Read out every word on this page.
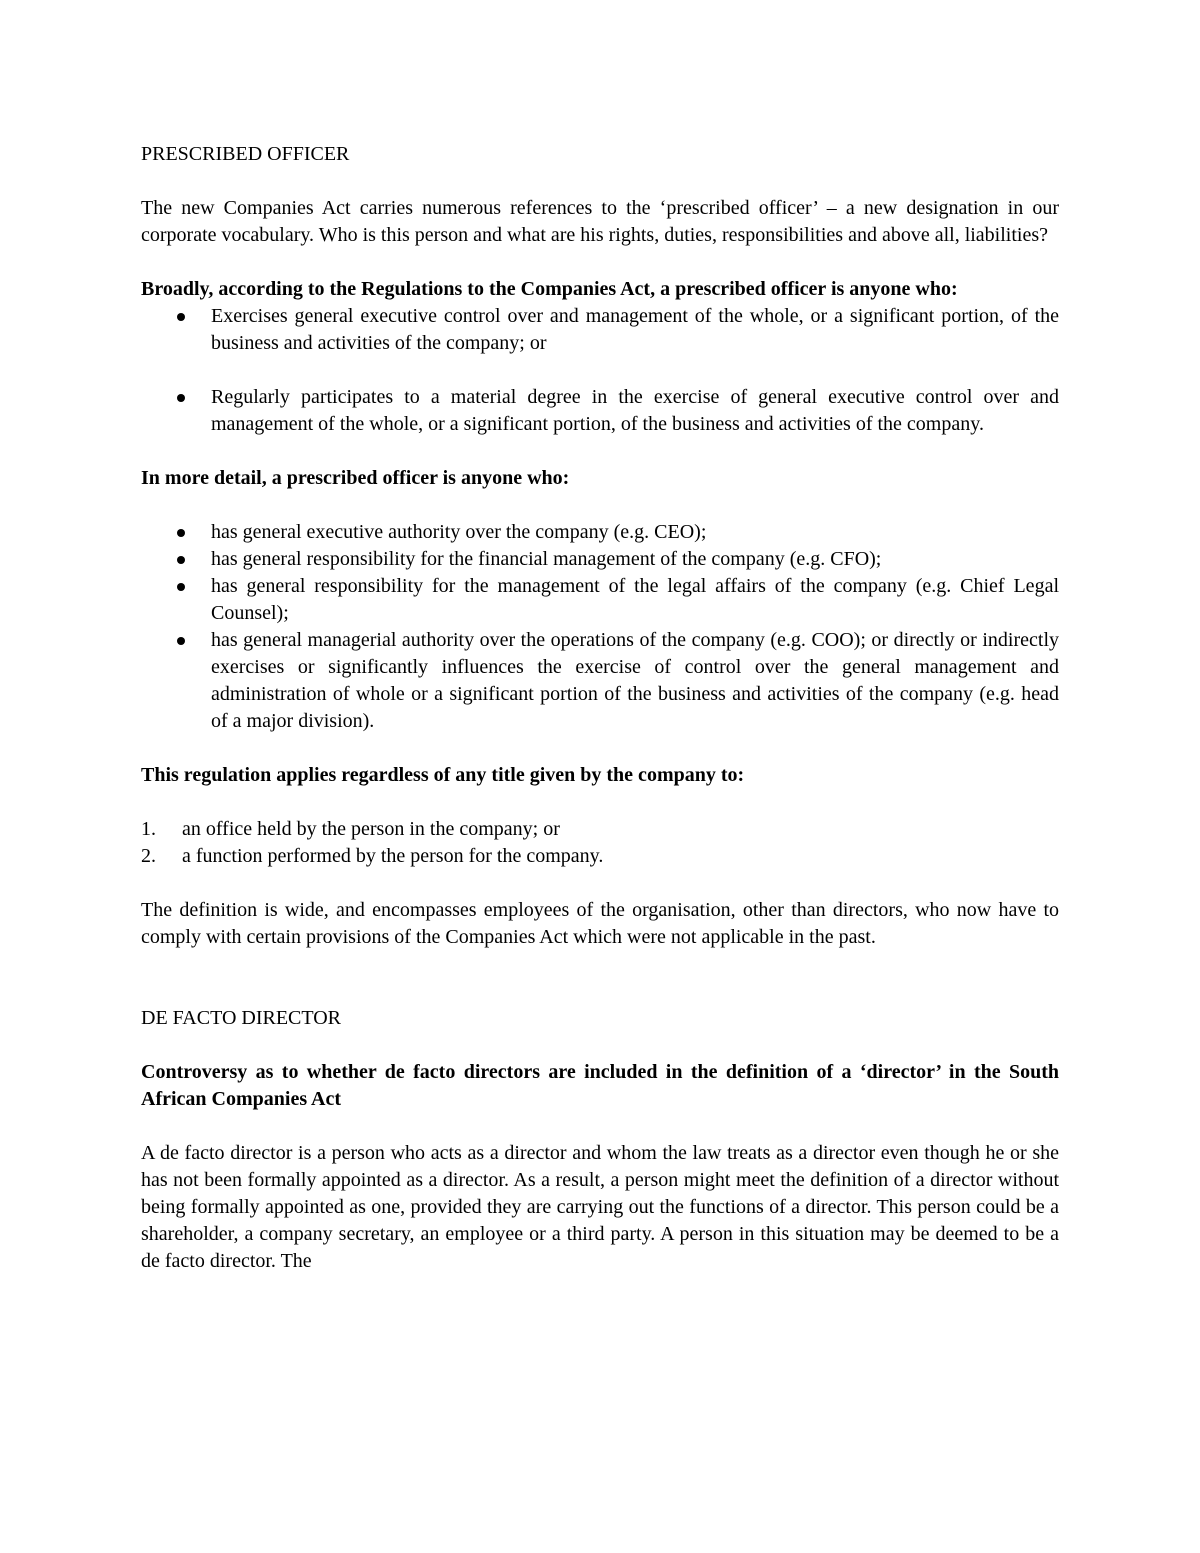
PRESCRIBED OFFICER

The new Companies Act carries numerous references to the ‘prescribed officer’ – a new designation in our corporate vocabulary. Who is this person and what are his rights, duties, responsibilities and above all, liabilities?

Broadly, according to the Regulations to the Companies Act, a prescribed officer is anyone who:

Exercises general executive control over and management of the whole, or a significant portion, of the business and activities of the company; or
Regularly participates to a material degree in the exercise of general executive control over and management of the whole, or a significant portion, of the business and activities of the company.

In more detail, a prescribed officer is anyone who:

has general executive authority over the company (e.g. CEO);
has general responsibility for the financial management of the company (e.g. CFO);
has general responsibility for the management of the legal affairs of the company (e.g. Chief Legal Counsel);
has general managerial authority over the operations of the company (e.g. COO); or directly or indirectly exercises or significantly influences the exercise of control over the general management and administration of whole or a significant portion of the business and activities of the company (e.g. head of a major division).

This regulation applies regardless of any title given by the company to:

1. an office held by the person in the company; or
2. a function performed by the person for the company.

The definition is wide, and encompasses employees of the organisation, other than directors, who now have to comply with certain provisions of the Companies Act which were not applicable in the past.

DE FACTO DIRECTOR

Controversy as to whether de facto directors are included in the definition of a ‘director’ in the South African Companies Act

A de facto director is a person who acts as a director and whom the law treats as a director even though he or she has not been formally appointed as a director. As a result, a person might meet the definition of a director without being formally appointed as one, provided they are carrying out the functions of a director. This person could be a shareholder, a company secretary, an employee or a third party. A person in this situation may be deemed to be a de facto director. The
